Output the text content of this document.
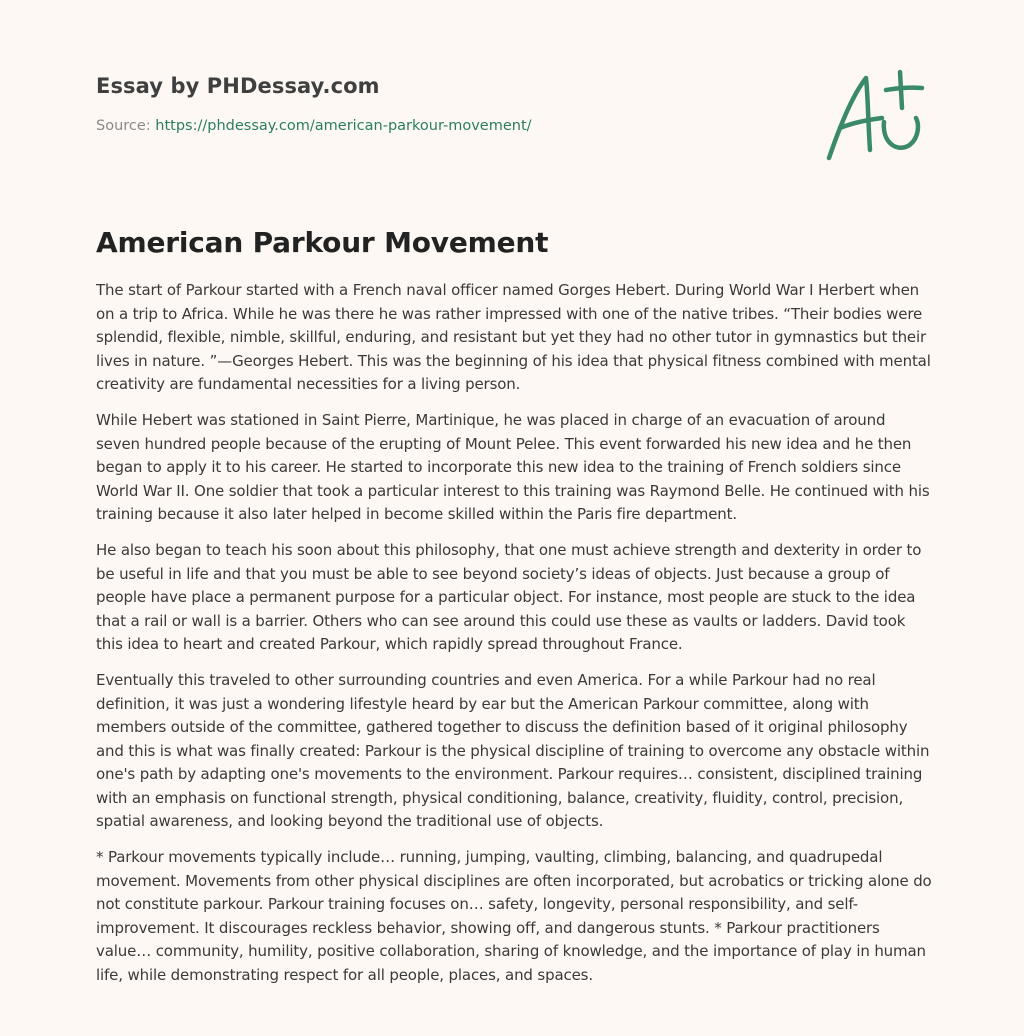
Essay by PHDessay.com
Source: https://phdessay.com/american-parkour-movement/
American Parkour Movement

The start of Parkour started with a French naval officer named Gorges Hebert. During World War I Herbert when on a trip to Africa. While he was there he was rather impressed with one of the native tribes. “Their bodies were splendid, flexible, nimble, skillful, enduring, and resistant but yet they had no other tutor in gymnastics but their lives in nature. ”—Georges Hebert. This was the beginning of his idea that physical fitness combined with mental creativity are fundamental necessities for a living person.

While Hebert was stationed in Saint Pierre, Martinique, he was placed in charge of an evacuation of around seven hundred people because of the erupting of Mount Pelee. This event forwarded his new idea and he then began to apply it to his career. He started to incorporate this new idea to the training of French soldiers since World War II. One soldier that took a particular interest to this training was Raymond Belle. He continued with his training because it also later helped in become skilled within the Paris fire department.

He also began to teach his soon about this philosophy, that one must achieve strength and dexterity in order to be useful in life and that you must be able to see beyond society’s ideas of objects. Just because a group of people have place a permanent purpose for a particular object. For instance, most people are stuck to the idea that a rail or wall is a barrier. Others who can see around this could use these as vaults or ladders. David took this idea to heart and created Parkour, which rapidly spread throughout France.

Eventually this traveled to other surrounding countries and even America. For a while Parkour had no real definition, it was just a wondering lifestyle heard by ear but the American Parkour committee, along with members outside of the committee, gathered together to discuss the definition based of it original philosophy and this is what was finally created: Parkour is the physical discipline of training to overcome any obstacle within one's path by adapting one's movements to the environment. Parkour requires… consistent, disciplined training with an emphasis on functional strength, physical conditioning, balance, creativity, fluidity, control, precision, spatial awareness, and looking beyond the traditional use of objects.

* Parkour movements typically include… running, jumping, vaulting, climbing, balancing, and quadrupedal movement. Movements from other physical disciplines are often incorporated, but acrobatics or tricking alone do not constitute parkour. Parkour training focuses on… safety, longevity, personal responsibility, and self-improvement. It discourages reckless behavior, showing off, and dangerous stunts. * Parkour practitioners value… community, humility, positive collaboration, sharing of knowledge, and the importance of play in human life, while demonstrating respect for all people, places, and spaces.
